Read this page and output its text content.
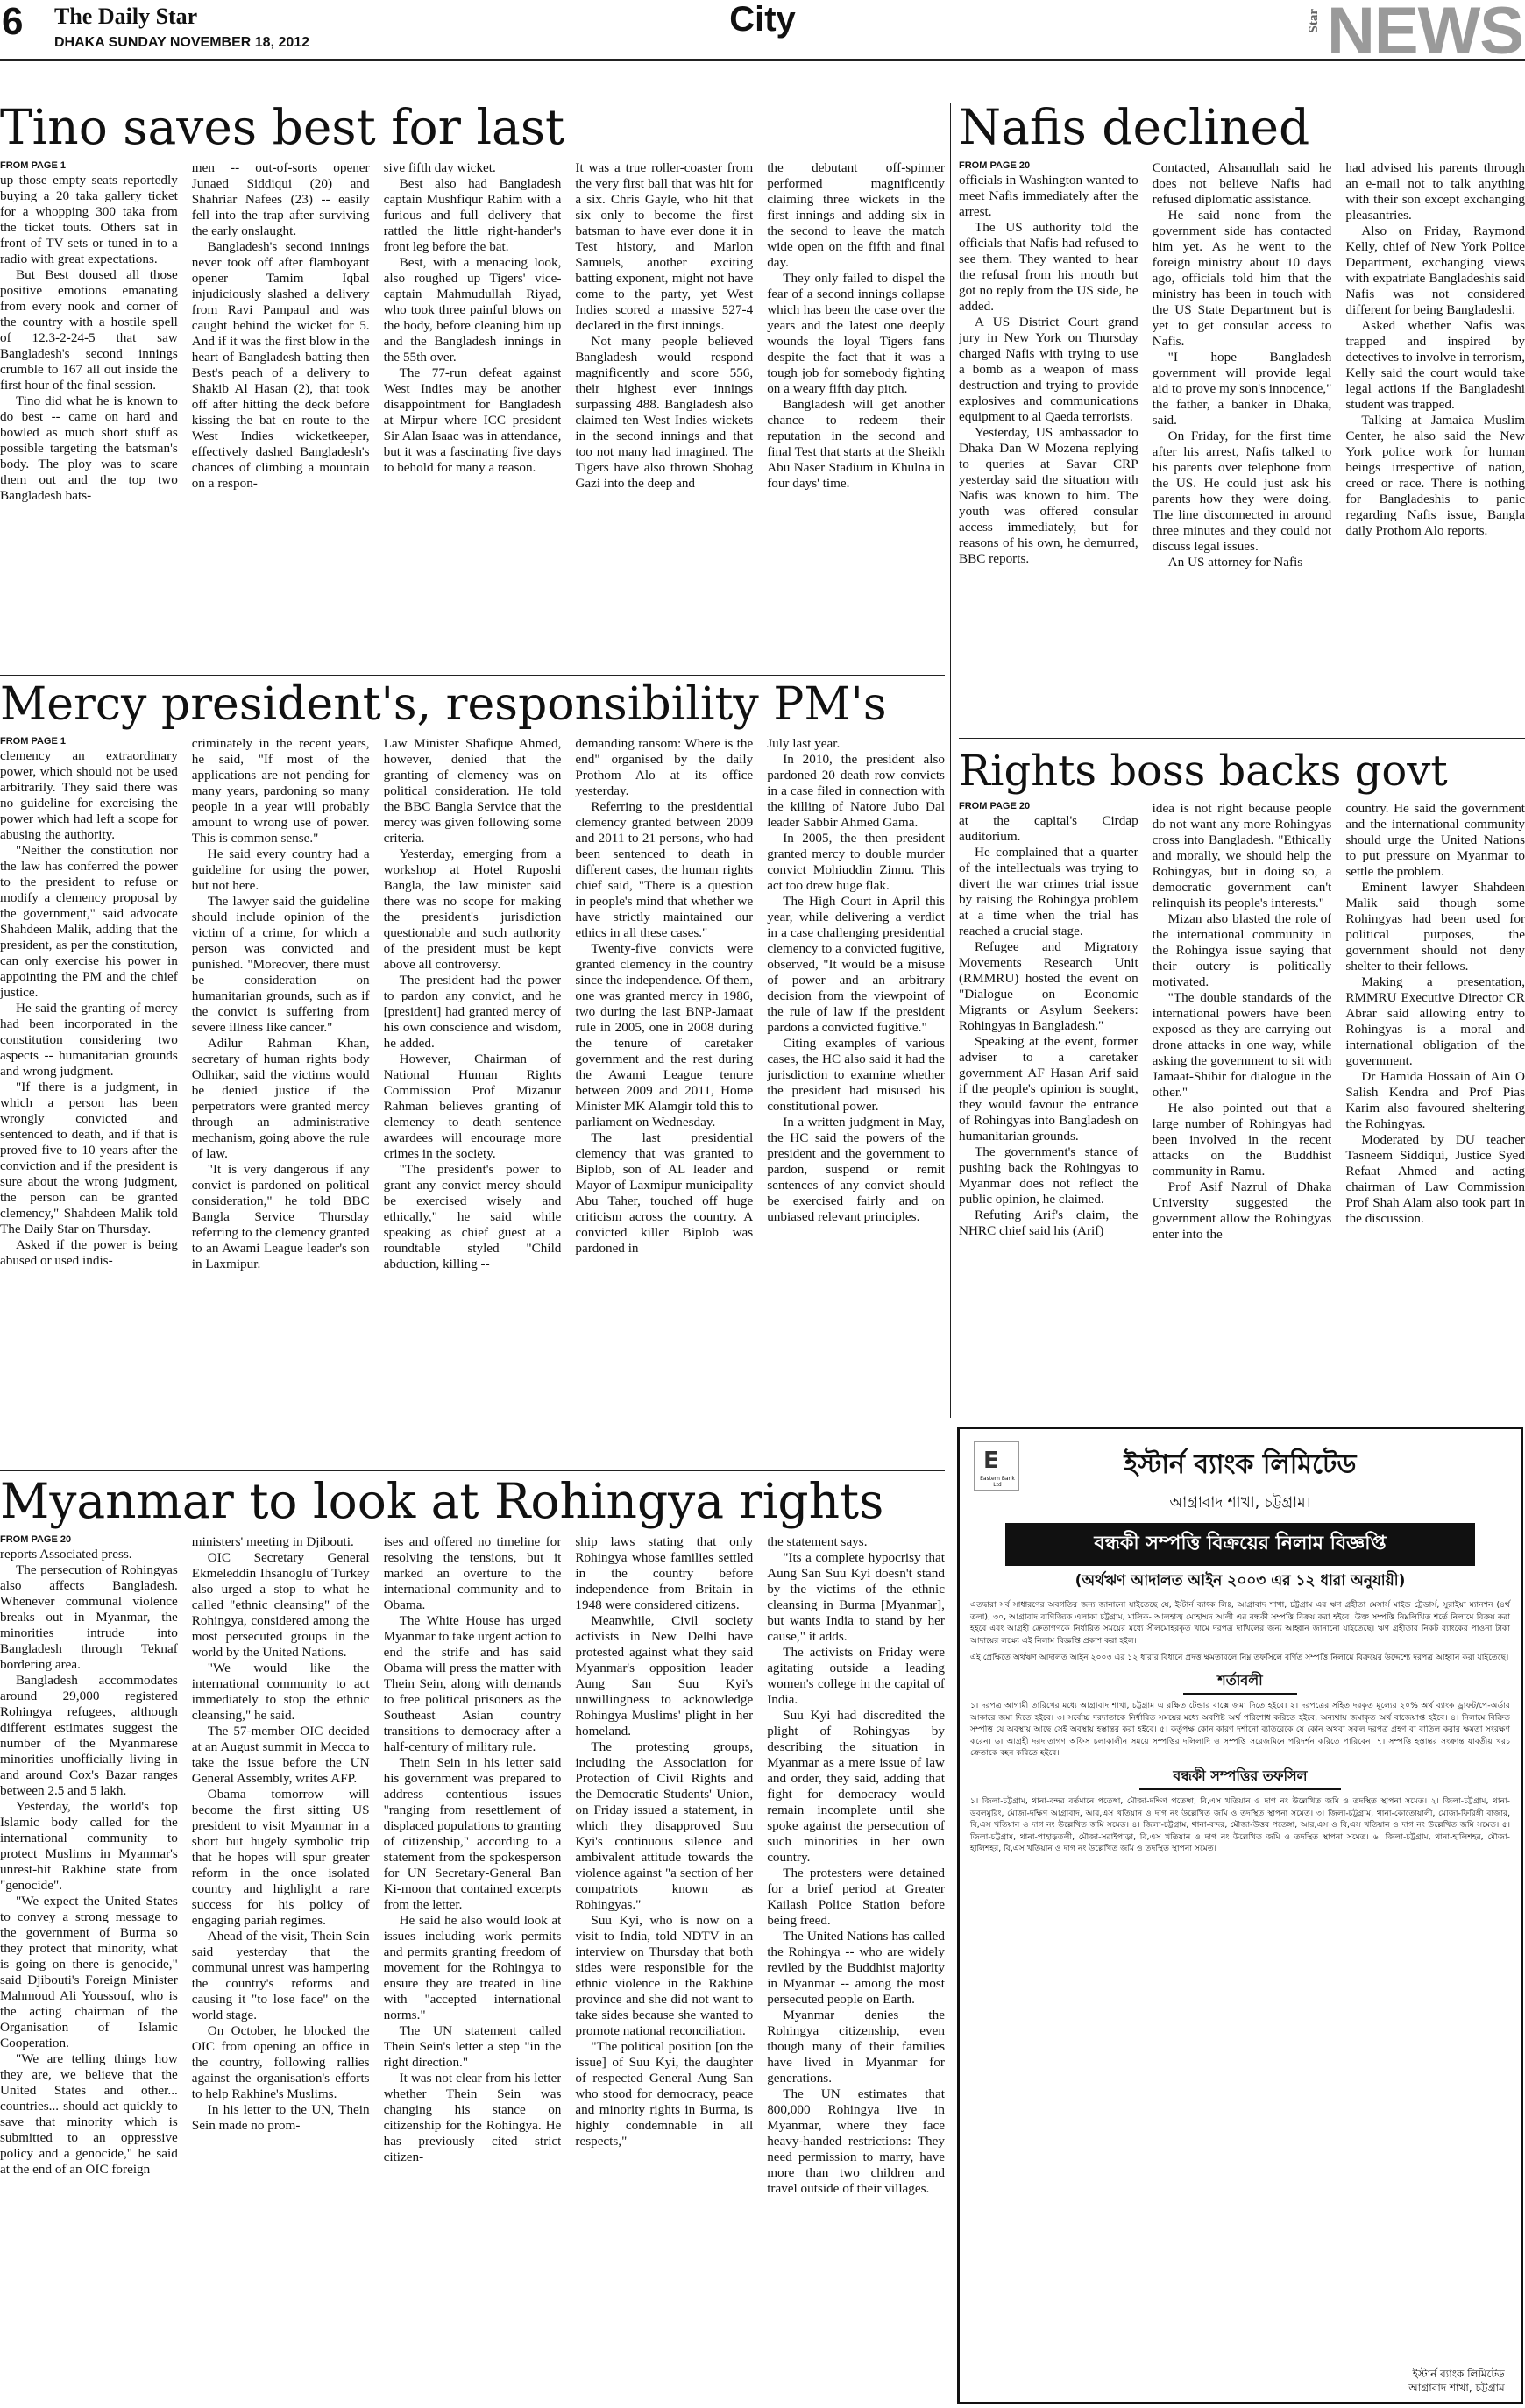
6 The Daily Star
DHAKA SUNDAY NOVEMBER 18, 2012
City	Star NEWS
Tino saves best for last
FROM PAGE 1

up those empty seats reportedly buying a 20 taka gallery ticket for a whopping 300 taka from the ticket touts. Others sat in front of TV sets or tuned in to a radio with great expectations.

But Best doused all those positive emotions emanating from every nook and corner of the country with a hostile spell of 12.3-2-24-5 that saw Bangladesh's second innings crumble to 167 all out inside the first hour of the final session.

Tino did what he is known to do best -- came on hard and bowled as much short stuff as possible targeting the batsman's body. The ploy was to scare them out and the top two Bangladesh bats-

men -- out-of-sorts opener Junaed Siddiqui (20) and Shahriar Nafees (23) -- easily fell into the trap after surviving the early onslaught.

Bangladesh's second innings never took off after flamboyant opener Tamim Iqbal injudiciously slashed a delivery from Ravi Pampaul and was caught behind the wicket for 5. And if it was the first blow in the heart of Bangladesh batting then Best's peach of a delivery to Shakib Al Hasan (2), that took off after hitting the deck before kissing the bat en route to the West Indies wicketkeeper, effectively dashed Bangladesh's chances of climbing a mountain on a respon-

sive fifth day wicket.

Best also had Bangladesh captain Mushfiqur Rahim with a furious and full delivery that rattled the little right-hander's front leg before the bat.

Best, with a menacing look, also roughed up Tigers' vice-captain Mahmudullah Riyad, who took three painful blows on the body, before cleaning him up and the Bangladesh innings in the 55th over.

The 77-run defeat against West Indies may be another disappointment for Bangladesh at Mirpur where ICC president Sir Alan Isaac was in attendance, but it was a fascinating five days to behold for many a reason.

It was a true roller-coaster from the very first ball that was hit for a six. Chris Gayle, who hit that six only to become the first batsman to have ever done it in Test history, and Marlon Samuels, another exciting batting exponent, might not have come to the party, yet West Indies scored a massive 527-4 declared in the first innings.

Not many people believed Bangladesh would respond magnificently and score 556, their highest ever innings surpassing 488. Bangladesh also claimed ten West Indies wickets in the second innings and that too not many had imagined. The Tigers have also thrown Shohag Gazi into the deep and

the debutant off-spinner performed magnificently claiming three wickets in the first innings and adding six in the second to leave the match wide open on the fifth and final day.

They only failed to dispel the fear of a second innings collapse which has been the case over the years and the latest one deeply wounds the loyal Tigers fans despite the fact that it was a tough job for somebody fighting on a weary fifth day pitch.

Bangladesh will get another chance to redeem their reputation in the second and final Test that starts at the Sheikh Abu Naser Stadium in Khulna in four days' time.

Nafis declined
FROM PAGE 20

officials in Washington wanted to meet Nafis immediately after the arrest.

The US authority told the officials that Nafis had refused to see them. They wanted to hear the refusal from his mouth but got no reply from the US side, he added.

A US District Court grand jury in New York on Thursday charged Nafis with trying to use a bomb as a weapon of mass destruction and trying to provide explosives and communications equipment to al Qaeda terrorists.

Yesterday, US ambassador to Dhaka Dan W Mozena replying to queries at Savar CRP yesterday said the situation with Nafis was known to him. The youth was offered consular access immediately, but for reasons of his own, he demurred, BBC reports.

Contacted, Ahsanullah said he does not believe Nafis had refused diplomatic assistance.

He said none from the government side has contacted him yet. As he went to the foreign ministry about 10 days ago, officials told him that the ministry has been in touch with the US State Department but is yet to get consular access to Nafis.

"I hope Bangladesh government will provide legal aid to prove my son's innocence," the father, a banker in Dhaka, said.

On Friday, for the first time after his arrest, Nafis talked to his parents over telephone from the US. He could just ask his parents how they were doing. The line disconnected in around three minutes and they could not discuss legal issues.

An US attorney for Nafis

had advised his parents through an e-mail not to talk anything with their son except exchanging pleasantries.

Also on Friday, Raymond Kelly, chief of New York Police Department, exchanging views with expatriate Bangladeshis said Nafis was not considered different for being Bangladeshi.

Asked whether Nafis was trapped and inspired by detectives to involve in terrorism, Kelly said the court would take legal actions if the Bangladeshi student was trapped.

Talking at Jamaica Muslim Center, he also said the New York police work for human beings irrespective of nation, creed or race. There is nothing for Bangladeshis to panic regarding Nafis issue, Bangla daily Prothom Alo reports.

Mercy president's, responsibility PM's
FROM PAGE 1

clemency an extraordinary power, which should not be used arbitrarily. They said there was no guideline for exercising the power which had left a scope for abusing the authority.

"Neither the constitution nor the law has conferred the power to the president to refuse or modify a clemency proposal by the government," said advocate Shahdeen Malik, adding that the president, as per the constitution, can only exercise his power in appointing the PM and the chief justice.

He said the granting of mercy had been incorporated in the constitution considering two aspects -- humanitarian grounds and wrong judgment.

"If there is a judgment, in which a person has been wrongly convicted and sentenced to death, and if that is proved five to 10 years after the conviction and if the president is sure about the wrong judgment, the person can be granted clemency," Shahdeen Malik told The Daily Star on Thursday.

Asked if the power is being abused or used indis-

criminately in the recent years, he said, "If most of the applications are not pending for many years, pardoning so many people in a year will probably amount to wrong use of power. This is common sense."

He said every country had a guideline for using the power, but not here.

The lawyer said the guideline should include opinion of the victim of a crime, for which a person was convicted and punished. "Moreover, there must be consideration on humanitarian grounds, such as if the convict is suffering from severe illness like cancer."

Adilur Rahman Khan, secretary of human rights body Odhikar, said the victims would be denied justice if the perpetrators were granted mercy through an administrative mechanism, going above the rule of law.

"It is very dangerous if any convict is pardoned on political consideration," he told BBC Bangla Service Thursday referring to the clemency granted to an Awami League leader's son in Laxmipur.

Law Minister Shafique Ahmed, however, denied that the granting of clemency was on political consideration. He told the BBC Bangla Service that the mercy was given following some criteria.

Yesterday, emerging from a workshop at Hotel Ruposhi Bangla, the law minister said there was no scope for making the president's jurisdiction questionable and such authority of the president must be kept above all controversy.

The president had the power to pardon any convict, and he [president] had granted mercy of his own conscience and wisdom, he added.

However, Chairman of National Human Rights Commission Prof Mizanur Rahman believes granting of clemency to death sentence awardees will encourage more crimes in the society.

"The president's power to grant any convict mercy should be exercised wisely and ethically," he said while speaking as chief guest at a roundtable styled "Child abduction, killing --

demanding ransom: Where is the end" organised by the daily Prothom Alo at its office yesterday.

Referring to the presidential clemency granted between 2009 and 2011 to 21 persons, who had been sentenced to death in different cases, the human rights chief said, "There is a question in people's mind that whether we have strictly maintained our ethics in all these cases."

Twenty-five convicts were granted clemency in the country since the independence. Of them, one was granted mercy in 1986, two during the last BNP-Jamaat rule in 2005, one in 2008 during the tenure of caretaker government and the rest during the Awami League tenure between 2009 and 2011, Home Minister MK Alamgir told this to parliament on Wednesday.

The last presidential clemency that was granted to Biplob, son of AL leader and Mayor of Laxmipur municipality Abu Taher, touched off huge criticism across the country. A convicted killer Biplob was pardoned in

July last year.

In 2010, the president also pardoned 20 death row convicts in a case filed in connection with the killing of Natore Jubo Dal leader Sabbir Ahmed Gama.

In 2005, the then president granted mercy to double murder convict Mohiuddin Zinnu. This act too drew huge flak.

The High Court in April this year, while delivering a verdict in a case challenging presidential clemency to a convicted fugitive, observed, "It would be a misuse of power and an arbitrary decision from the viewpoint of the rule of law if the president pardons a convicted fugitive."

Citing examples of various cases, the HC also said it had the jurisdiction to examine whether the president had misused his constitutional power.

In a written judgment in May, the HC said the powers of the president and the government to pardon, suspend or remit sentences of any convict should be exercised fairly and on unbiased relevant principles.

Rights boss backs govt
FROM PAGE 20

at the capital's Cirdap auditorium.

He complained that a quarter of the intellectuals was trying to divert the war crimes trial issue by raising the Rohingya problem at a time when the trial has reached a crucial stage.

Refugee and Migratory Movements Research Unit (RMMRU) hosted the event on "Dialogue on Economic Migrants or Asylum Seekers: Rohingyas in Bangladesh."

Speaking at the event, former adviser to a caretaker government AF Hasan Arif said if the people's opinion is sought, they would favour the entrance of Rohingyas into Bangladesh on humanitarian grounds.

The government's stance of pushing back the Rohingyas to Myanmar does not reflect the public opinion, he claimed.

Refuting Arif's claim, the NHRC chief said his (Arif)

idea is not right because people do not want any more Rohingyas cross into Bangladesh. "Ethically and morally, we should help the Rohingyas, but in doing so, a democratic government can't relinquish its people's interests."

Mizan also blasted the role of the international community in the Rohingya issue saying that their outcry is politically motivated.

"The double standards of the international powers have been exposed as they are carrying out drone attacks in one way, while asking the government to sit with Jamaat-Shibir for dialogue in the other."

He also pointed out that a large number of Rohingyas had been involved in the recent attacks on the Buddhist community in Ramu.

Prof Asif Nazrul of Dhaka University suggested the government allow the Rohingyas enter into the

country. He said the government and the international community should urge the United Nations to put pressure on Myanmar to settle the problem.

Eminent lawyer Shahdeen Malik said though some Rohingyas had been used for political purposes, the government should not deny shelter to their fellows.

Making a presentation, RMMRU Executive Director CR Abrar said allowing entry to Rohingyas is a moral and international obligation of the government.

Dr Hamida Hossain of Ain O Salish Kendra and Prof Pias Karim also favoured sheltering the Rohingyas.

Moderated by DU teacher Tasneem Siddiqui, Justice Syed Refaat Ahmed and acting chairman of Law Commission Prof Shah Alam also took part in the discussion.

Myanmar to look at Rohingya rights
FROM PAGE 20

reports Associated press.

The persecution of Rohingyas also affects Bangladesh. Whenever communal violence breaks out in Myanmar, the minorities intrude into Bangladesh through Teknaf bordering area.

Bangladesh accommodates around 29,000 registered Rohingya refugees, although different estimates suggest the number of the Myanmarese minorities unofficially living in and around Cox's Bazar ranges between 2.5 and 5 lakh.

Yesterday, the world's top Islamic body called for the international community to protect Muslims in Myanmar's unrest-hit Rakhine state from "genocide".

"We expect the United States to convey a strong message to the government of Burma so they protect that minority, what is going on there is genocide," said Djibouti's Foreign Minister Mahmoud Ali Youssouf, who is the acting chairman of the Organisation of Islamic Cooperation.

"We are telling things how they are, we believe that the United States and other... countries... should act quickly to save that minority which is submitted to an oppressive policy and a genocide," he said at the end of an OIC foreign

ministers' meeting in Djibouti.

OIC Secretary General Ekmeleddin Ihsanoglu of Turkey also urged a stop to what he called "ethnic cleansing" of the Rohingya, considered among the most persecuted groups in the world by the United Nations.

"We would like the international community to act immediately to stop the ethnic cleansing," he said.

The 57-member OIC decided at an August summit in Mecca to take the issue before the UN General Assembly, writes AFP.

Obama tomorrow will become the first sitting US president to visit Myanmar in a short but hugely symbolic trip that he hopes will spur greater reform in the once isolated country and highlight a rare success for his policy of engaging pariah regimes.

Ahead of the visit, Thein Sein said yesterday that the communal unrest was hampering the country's reforms and causing it "to lose face" on the world stage.

On October, he blocked the OIC from opening an office in the country, following rallies against the organisation's efforts to help Rakhine's Muslims.

In his letter to the UN, Thein Sein made no prom-

ises and offered no timeline for resolving the tensions, but it marked an overture to the international community and to Obama.

The White House has urged Myanmar to take urgent action to end the strife and has said Obama will press the matter with Thein Sein, along with demands to free political prisoners as the Southeast Asian country transitions to democracy after a half-century of military rule.

Thein Sein in his letter said his government was prepared to address contentious issues "ranging from resettlement of displaced populations to granting of citizenship," according to a statement from the spokesperson for UN Secretary-General Ban Ki-moon that contained excerpts from the letter.

He said he also would look at issues including work permits and permits granting freedom of movement for the Rohingya to ensure they are treated in line with "accepted international norms."

The UN statement called Thein Sein's letter a step "in the right direction."

It was not clear from his letter whether Thein Sein was changing his stance on citizenship for the Rohingya. He has previously cited strict citizen-

ship laws stating that only Rohingya whose families settled in the country before independence from Britain in 1948 were considered citizens.

Meanwhile, Civil society activists in New Delhi have protested against what they said Myanmar's opposition leader Aung San Suu Kyi's unwillingness to acknowledge Rohingya Muslims' plight in her homeland.

The protesting groups, including the Association for Protection of Civil Rights and the Democratic Students' Union, on Friday issued a statement, in which they disapproved Suu Kyi's continuous silence and ambivalent attitude towards the violence against "a section of her compatriots known as Rohingyas."

Suu Kyi, who is now on a visit to India, told NDTV in an interview on Thursday that both sides were responsible for the ethnic violence in the Rakhine province and she did not want to take sides because she wanted to promote national reconciliation.

"The political position [on the issue] of Suu Kyi, the daughter of respected General Aung San who stood for democracy, peace and minority rights in Burma, is highly condemnable in all respects,"

the statement says.

"Its a complete hypocrisy that Aung San Suu Kyi doesn't stand by the victims of the ethnic cleansing in Burma [Myanmar], but wants India to stand by her cause," it adds.

The activists on Friday were agitating outside a leading women's college in the capital of India.

Suu Kyi had discredited the plight of Rohingyas by describing the situation in Myanmar as a mere issue of law and order, they said, adding that fight for democracy would remain incomplete until she spoke against the persecution of such minorities in her own country.

The protesters were detained for a brief period at Greater Kailash Police Station before being freed.

The United Nations has called the Rohingya -- who are widely reviled by the Buddhist majority in Myanmar -- among the most persecuted people on Earth.

Myanmar denies the Rohingya citizenship, even though many of their families have lived in Myanmar for generations.

The UN estimates that 800,000 Rohingya live in Myanmar, where they face heavy-handed restrictions: They need permission to marry, have more than two children and travel outside of their villages.

E
Eastern Bank Ltd
ইস্টার্ন ব্যাংক লিমিটেড
আগ্রাবাদ শাখা, চট্টগ্রাম।
বন্ধকী সম্পত্তি বিক্রয়ের নিলাম বিজ্ঞপ্তি
(অর্থঋণ আদালত আইন ২০০৩ এর ১২ ধারা অনুযায়ী)
এতদ্বারা সর্ব সাধারণের অবগতির জন্য জানানো যাইতেছে যে, ইস্টার্ন ব্যাংক লিঃ, আগ্রাবাদ শাখা, চট্টগ্রাম এর ঋণ গ্রহীতা মেসার্স মাইন্ড ট্রেডার্স, সুরাইয়া ম্যানশন (৪র্থ তলা), ৩০, আগ্রাবাদ বাণিজ্যিক এলাকা চট্টগ্রাম, মালিক- আলহাজ্ব মোহাম্মদ আলী এর বন্ধকী সম্পত্তি বিক্রয় করা হইবে। উক্ত সম্পত্তি নিম্নলিখিত শর্তে নিলামে বিক্রয় করা হইবে এবং আগ্রহী ক্রেতাগণকে নির্ধারিত সময়ের মধ্যে সীলমোহরকৃত খামে দরপত্র দাখিলের জন্য আহ্বান জানানো যাইতেছে। ঋণ গ্রহীতার নিকট ব্যাংকের পাওনা টাকা আদায়ের লক্ষ্যে এই নিলাম বিজ্ঞপ্তি প্রকাশ করা হইল।
এই প্রেক্ষিতে অর্থঋণ আদালত আইন ২০০৩ এর ১২ ধারার বিধানে প্রদত্ত ক্ষমতাবলে নিম্ন তফসিলে বর্ণিত সম্পত্তি নিলামে বিক্রয়ের উদ্দেশ্যে দরপত্র আহ্বান করা যাইতেছে।
শর্তাবলী
১। দরপত্র আগামী তারিখের মধ্যে আগ্রাবাদ শাখা, চট্টগ্রাম এ রক্ষিত টেন্ডার বাক্সে জমা দিতে হইবে। ২। দরপত্রের সহিত দরকৃত মূল্যের ২০% অর্থ ব্যাংক ড্রাফট/পে-অর্ডার আকারে জমা দিতে হইবে। ৩। সর্বোচ্চ দরদাতাকে নির্ধারিত সময়ের মধ্যে অবশিষ্ট অর্থ পরিশোধ করিতে হইবে, অন্যথায় জমাকৃত অর্থ বাজেয়াপ্ত হইবে। ৪। নিলামে বিক্রিত সম্পত্তি যে অবস্থায় আছে সেই অবস্থায় হস্তান্তর করা হইবে। ৫। কর্তৃপক্ষ কোন কারণ দর্শানো ব্যতিরেকে যে কোন অথবা সকল দরপত্র গ্রহণ বা বাতিল করার ক্ষমতা সংরক্ষণ করেন। ৬। আগ্রহী দরদাতাগণ অফিস চলাকালীন সময়ে সম্পত্তির দলিলাদি ও সম্পত্তি সরেজমিনে পরিদর্শন করিতে পারিবেন। ৭। সম্পত্তি হস্তান্তর সংক্রান্ত যাবতীয় খরচ ক্রেতাকে বহন করিতে হইবে।
বন্ধকী সম্পত্তির তফসিল
১। জিলা-চট্টগ্রাম, থানা-বন্দর বর্তমানে পতেঙ্গা, মৌজা-দক্ষিণ পতেঙ্গা, বি,এস খতিয়ান ও দাগ নং উল্লেখিত জমি ও তদস্থিত স্থাপনা সমেত। ২। জিলা-চট্টগ্রাম, থানা-ডবলমুরিং, মৌজা-দক্ষিণ আগ্রাবাদ, আর,এস খতিয়ান ও দাগ নং উল্লেখিত জমি ও তদস্থিত স্থাপনা সমেত। ৩। জিলা-চট্টগ্রাম, থানা-কোতোয়ালী, মৌজা-ফিরিঙ্গী বাজার, বি,এস খতিয়ান ও দাগ নং উল্লেখিত জমি সমেত। ৪। জিলা-চট্টগ্রাম, থানা-বন্দর, মৌজা-উত্তর পতেঙ্গা, আর,এস ও বি,এস খতিয়ান ও দাগ নং উল্লেখিত জমি সমেত। ৫। জিলা-চট্টগ্রাম, থানা-পাহাড়তলী, মৌজা-সরাইপাড়া, বি,এস খতিয়ান ও দাগ নং উল্লেখিত জমি ও তদস্থিত স্থাপনা সমেত। ৬। জিলা-চট্টগ্রাম, থানা-হালিশহর, মৌজা-হালিশহর, বি,এস খতিয়ান ও দাগ নং উল্লেখিত জমি ও তদস্থিত স্থাপনা সমেত।
ইস্টার্ন ব্যাংক লিমিটেড
আগ্রাবাদ শাখা, চট্টগ্রাম।
